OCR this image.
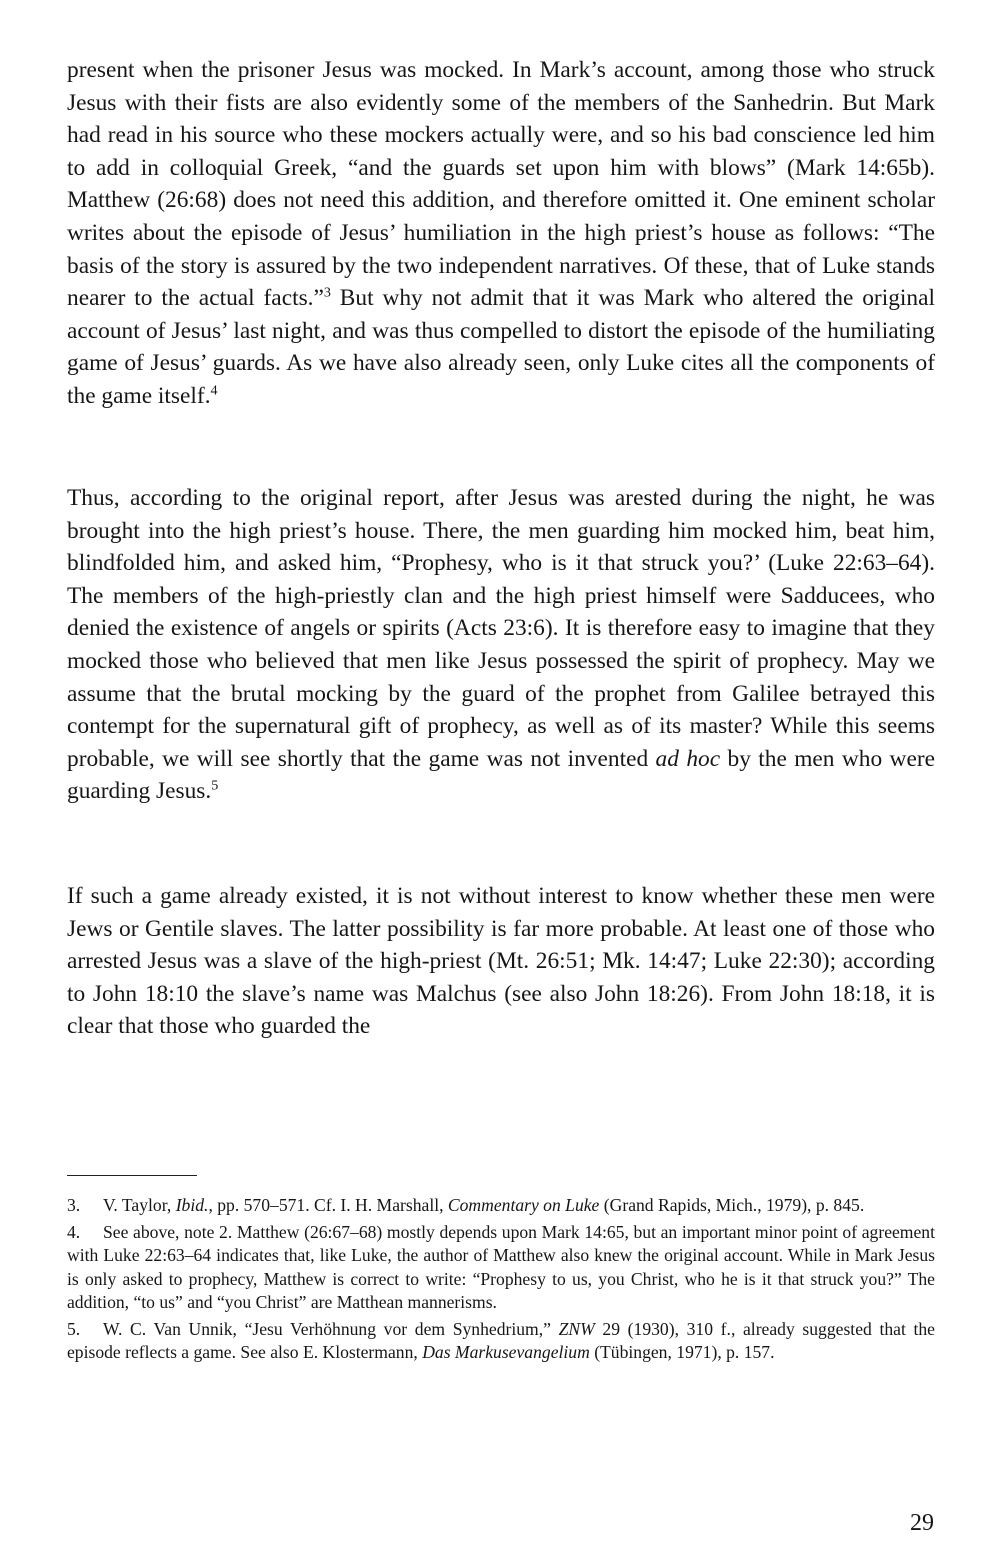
present when the prisoner Jesus was mocked. In Mark’s account, among those who struck Jesus with their fists are also evidently some of the members of the Sanhedrin. But Mark had read in his source who these mockers actually were, and so his bad conscience led him to add in colloquial Greek, “and the guards set upon him with blows” (Mark 14:65b). Matthew (26:68) does not need this addition, and therefore omitted it. One eminent scholar writes about the episode of Jesus’ humiliation in the high priest’s house as follows: “The basis of the story is assured by the two independent narratives. Of these, that of Luke stands nearer to the actual facts.”$^3$ But why not admit that it was Mark who altered the original account of Jesus’ last night, and was thus compelled to distort the episode of the humiliating game of Jesus’ guards. As we have also already seen, only Luke cites all the components of the game itself.$^4$

Thus, according to the original report, after Jesus was arested during the night, he was brought into the high priest’s house. There, the men guarding him mocked him, beat him, blindfolded him, and asked him, “Prophesy, who is it that struck you?’ (Luke 22:63–64). The members of the high-priestly clan and the high priest himself were Sadducees, who denied the existence of angels or spirits (Acts 23:6). It is therefore easy to imagine that they mocked those who believed that men like Jesus possessed the spirit of prophecy. May we assume that the brutal mocking by the guard of the prophet from Galilee betrayed this contempt for the supernatural gift of prophecy, as well as of its master? While this seems probable, we will see shortly that the game was not invented ad hoc by the men who were guarding Jesus.$^5$

If such a game already existed, it is not without interest to know whether these men were Jews or Gentile slaves. The latter possibility is far more probable. At least one of those who arrested Jesus was a slave of the high-priest (Mt. 26:51; Mk. 14:47; Luke 22:30); according to John 18:10 the slave’s name was Malchus (see also John 18:26). From John 18:18, it is clear that those who guarded the

3. V. Taylor, Ibid., pp. 570–571. Cf. I. H. Marshall, Commentary on Luke (Grand Rapids, Mich., 1979), p. 845.

4. See above, note 2. Matthew (26:67–68) mostly depends upon Mark 14:65, but an important minor point of agreement with Luke 22:63–64 indicates that, like Luke, the author of Matthew also knew the original account. While in Mark Jesus is only asked to prophecy, Matthew is correct to write: “Prophesy to us, you Christ, who he is it that struck you?” The addition, “to us” and “you Christ” are Matthean mannerisms.

5. W. C. Van Unnik, “Jesu Verhöhnung vor dem Synhedrium,” ZNW 29 (1930), 310 f., already suggested that the episode reflects a game. See also E. Klostermann, Das Markusevangelium (Tübingen, 1971), p. 157.

29
